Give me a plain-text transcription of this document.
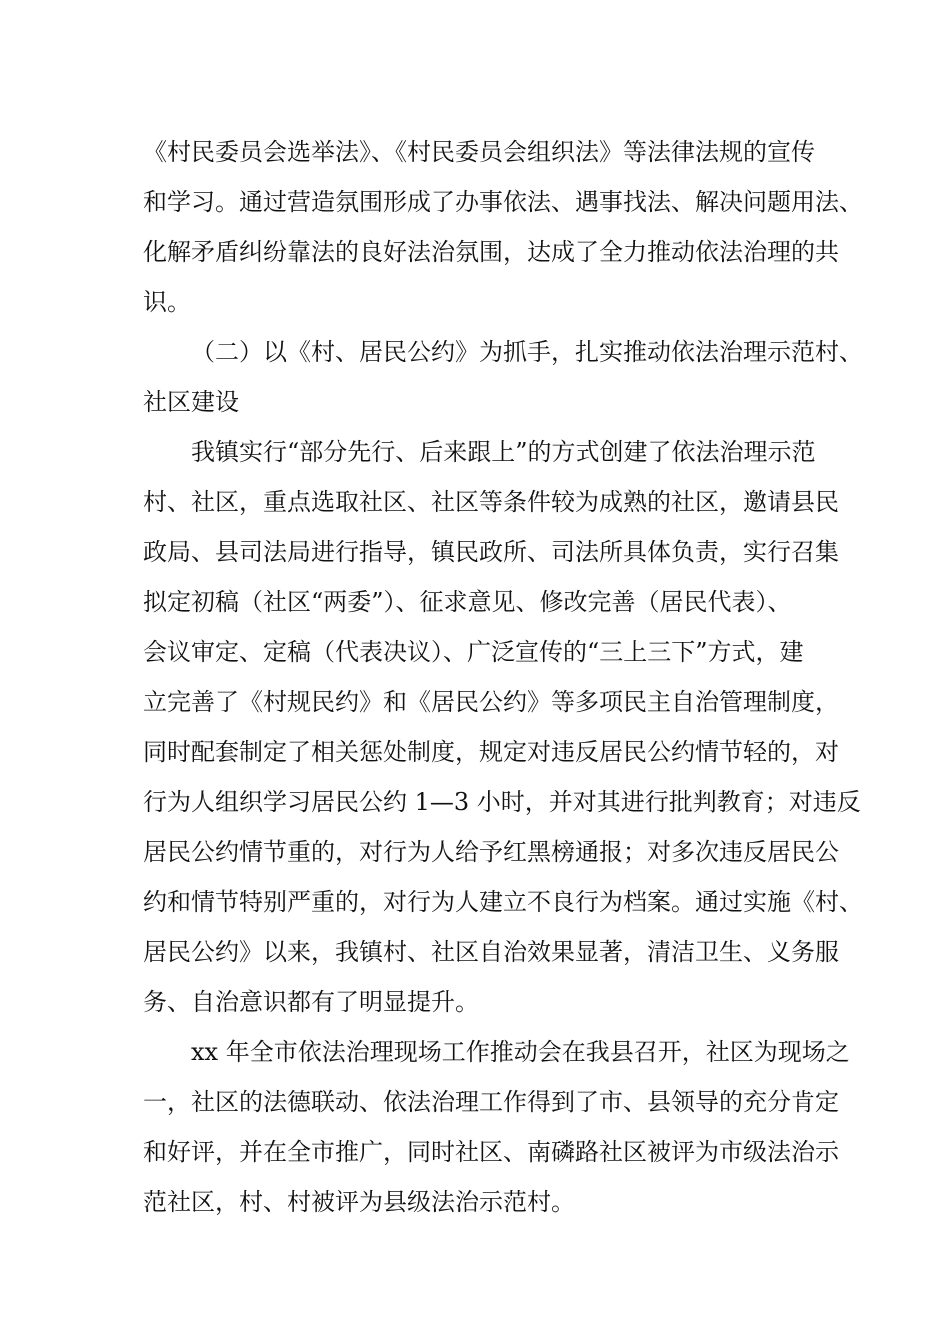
《村民委员会选举法》、《村民委员会组织法》等法律法规的宣传
和学习。通过营造氛围形成了办事依法、遇事找法、解决问题用法、
化解矛盾纠纷靠法的良好法治氛围，达成了全力推动依法治理的共
识。
（二）以《村、居民公约》为抓手，扎实推动依法治理示范村、
社区建设
我镇实行“部分先行、后来跟上”的方式创建了依法治理示范
村、社区，重点选取社区、社区等条件较为成熟的社区，邀请县民
政局、县司法局进行指导，镇民政所、司法所具体负责，实行召集
拟定初稿（社区“两委”）、征求意见、修改完善（居民代表）、
会议审定、定稿（代表决议）、广泛宣传的“三上三下”方式，建
立完善了《村规民约》和《居民公约》等多项民主自治管理制度，
同时配套制定了相关惩处制度，规定对违反居民公约情节轻的，对
行为人组织学习居民公约 1—3 小时，并对其进行批判教育；对违反
居民公约情节重的，对行为人给予红黑榜通报；对多次违反居民公
约和情节特别严重的，对行为人建立不良行为档案。通过实施《村、
居民公约》以来，我镇村、社区自治效果显著，清洁卫生、义务服
务、自治意识都有了明显提升。
xx 年全市依法治理现场工作推动会在我县召开，社区为现场之
一，社区的法德联动、依法治理工作得到了市、县领导的充分肯定
和好评，并在全市推广，同时社区、南磷路社区被评为市级法治示
范社区，村、村被评为县级法治示范村。
